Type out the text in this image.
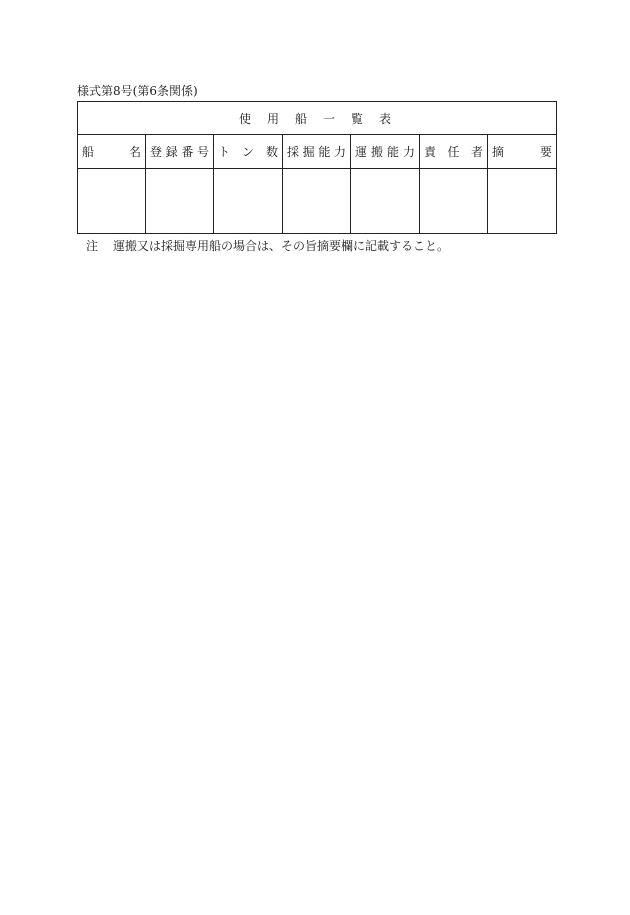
様式第8号(第6条関係)
使用船一覧表						

船 名	登 録 番 号	ト ン 数	採 掘 能 力	運 搬 能 力	責 任 者	摘 要

注 運搬又は採掘専用船の場合は、その旨摘要欄に記載すること。
